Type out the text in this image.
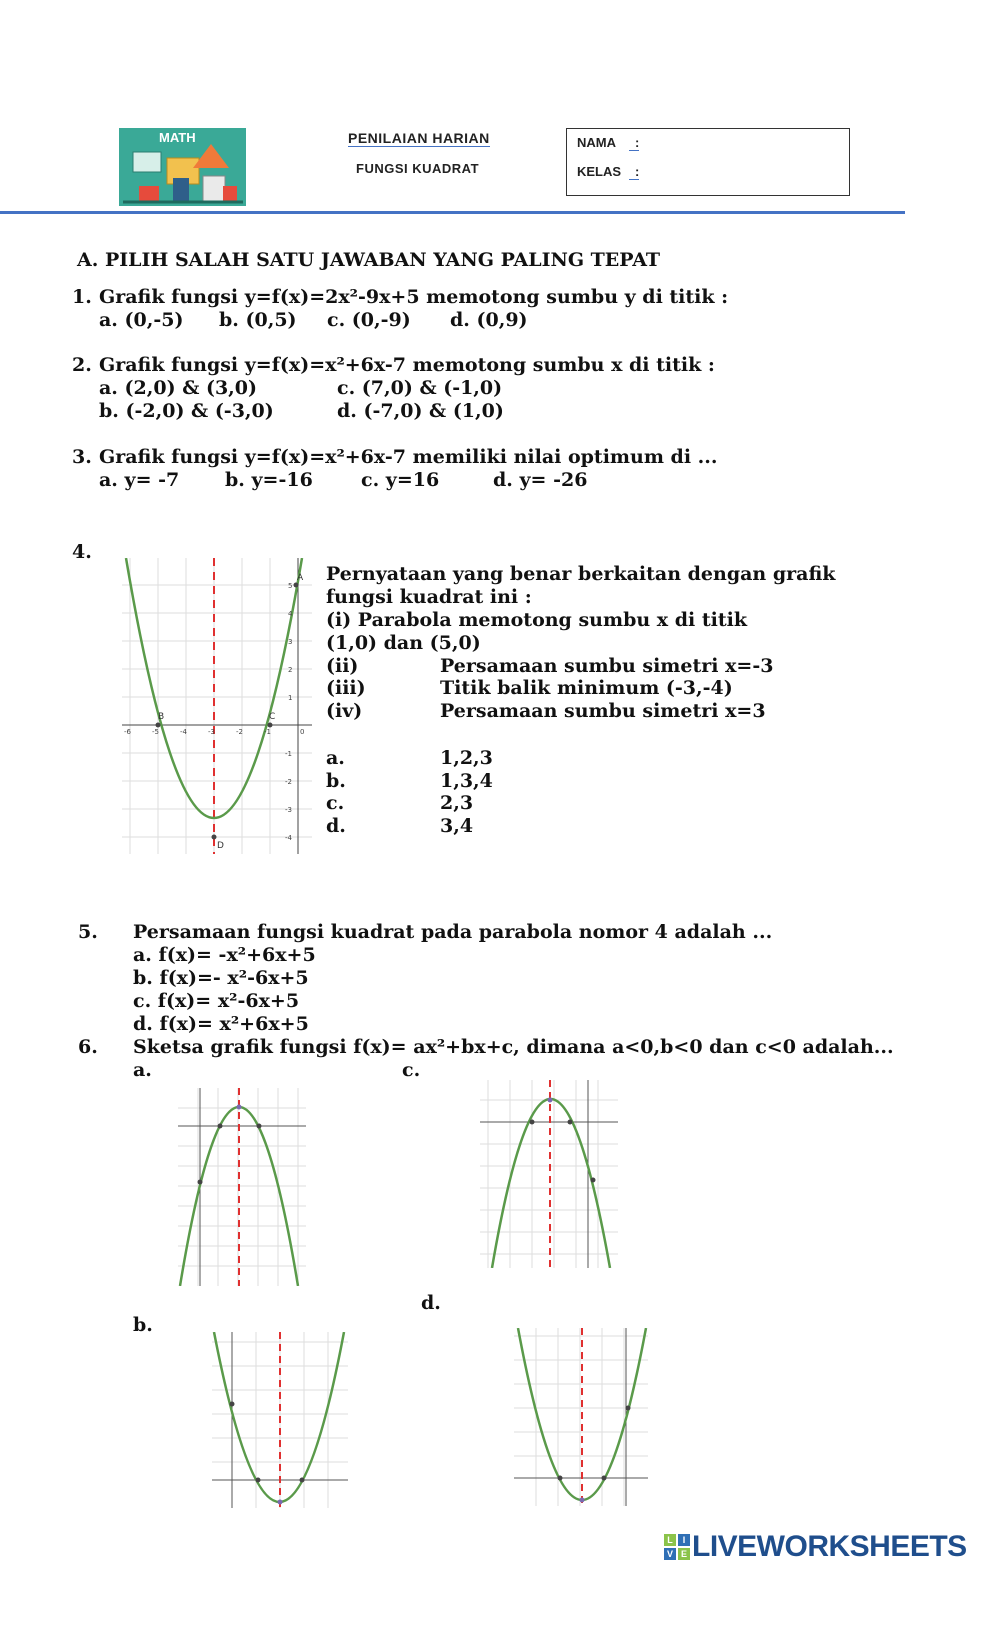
MATH	PENILAIAN HARIAN
FUNGSI KUADRAT
NAMA	:
KELAS	:
A. PILIH SALAH SATU JAWABAN YANG PALING TEPAT
1. Grafik fungsi y=f(x)=2x²-9x+5 memotong sumbu y di titik :
a. (0,-5) b. (0,5) c. (0,-9) d. (0,9)
2. Grafik fungsi y=f(x)=x²+6x-7 memotong sumbu x di titik :
a. (2,0) & (3,0)	c. (7,0) & (-1,0)
b. (-2,0) & (-3,0)	d. (-7,0) & (1,0)
3. Grafik fungsi y=f(x)=x²+6x-7 memiliki nilai optimum di ...
a. y= -7 b. y=-16	c. y=16	d. y= -26
4.
-6	-5	-4	-3	-2	-1	0
5
4
3
2
1
-1
-2
-3
-4
A
B	C
D
Pernyataan yang benar berkaitan dengan grafik
fungsi kuadrat ini :
(i) Parabola memotong sumbu x di titik
(1,0) dan (5,0)
(ii)	Persamaan sumbu simetri x=-3
(iii)	Titik balik minimum (-3,-4)
(iv)	Persamaan sumbu simetri x=3
a.	1,2,3
b.	1,3,4
c.	2,3
d.	3,4
5. Persamaan fungsi kuadrat pada parabola nomor 4 adalah ...
a. f(x)= -x²+6x+5
b. f(x)=- x²-6x+5
c. f(x)= x²-6x+5
d. f(x)= x²+6x+5
6. Sketsa grafik fungsi f(x)= ax²+bx+c, dimana a<0,b<0 dan c<0 adalah...
a.	c.
d.
b.
L	I
V E LIVEWORKSHEETS
